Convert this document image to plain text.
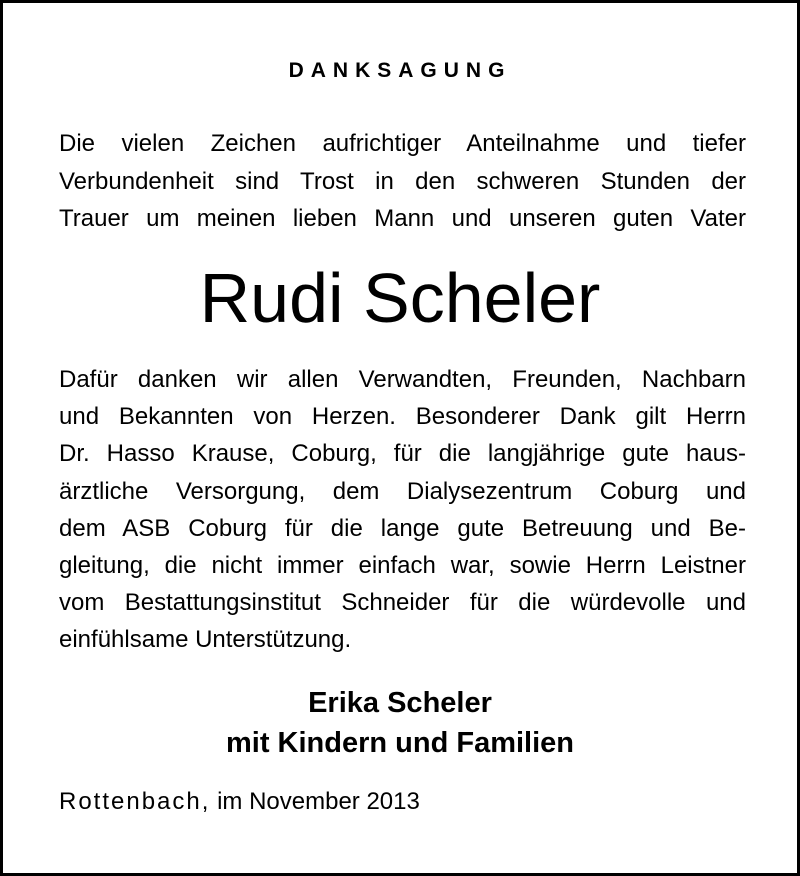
DANKSAGUNG
Die vielen Zeichen aufrichtiger Anteilnahme und tiefer
Verbundenheit sind Trost in den schweren Stunden der
Trauer um meinen lieben Mann und unseren guten Vater
Rudi Scheler
Dafür danken wir allen Verwandten, Freunden, Nachbarn
und Bekannten von Herzen. Besonderer Dank gilt Herrn
Dr. Hasso Krause, Coburg, für die langjährige gute haus-
ärztliche Versorgung, dem Dialysezentrum Coburg und
dem ASB Coburg für die lange gute Betreuung und Be-
gleitung, die nicht immer einfach war, sowie Herrn Leistner
vom Bestattungsinstitut Schneider für die würdevolle und
einfühlsame Unterstützung.
Erika Scheler
mit Kindern und Familien
Rottenbach, im November 2013
